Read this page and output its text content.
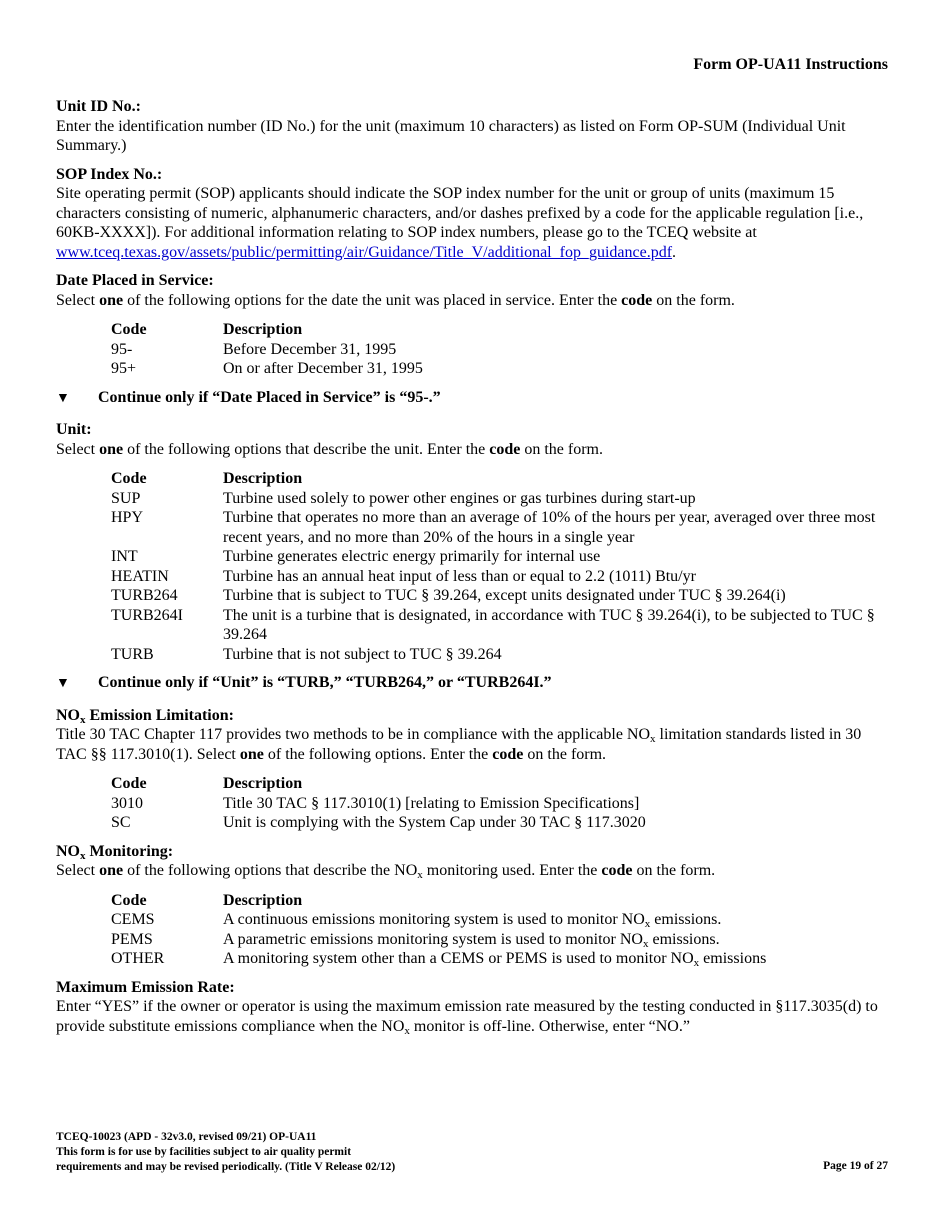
Form OP-UA11 Instructions
Unit ID No.:
Enter the identification number (ID No.) for the unit (maximum 10 characters) as listed on Form OP-SUM (Individual Unit Summary.)
SOP Index No.:
Site operating permit (SOP) applicants should indicate the SOP index number for the unit or group of units (maximum 15 characters consisting of numeric, alphanumeric characters, and/or dashes prefixed by a code for the applicable regulation [i.e., 60KB-XXXX]). For additional information relating to SOP index numbers, please go to the TCEQ website at www.tceq.texas.gov/assets/public/permitting/air/Guidance/Title_V/additional_fop_guidance.pdf.
Date Placed in Service:
Select one of the following options for the date the unit was placed in service. Enter the code on the form.
Code	Description
95-	Before December 31, 1995
95+	On or after December 31, 1995
▼	Continue only if “Date Placed in Service” is “95-.”
Unit:
Select one of the following options that describe the unit. Enter the code on the form.
Code	Description
SUP	Turbine used solely to power other engines or gas turbines during start-up
HPY	Turbine that operates no more than an average of 10% of the hours per year, averaged over three most recent years, and no more than 20% of the hours in a single year
INT	Turbine generates electric energy primarily for internal use
HEATIN	Turbine has an annual heat input of less than or equal to 2.2 (1011) Btu/yr
TURB264	Turbine that is subject to TUC § 39.264, except units designated under TUC § 39.264(i)
TURB264I	The unit is a turbine that is designated, in accordance with TUC § 39.264(i), to be subjected to TUC § 39.264
TURB	Turbine that is not subject to TUC § 39.264
▼	Continue only if “Unit” is “TURB,” “TURB264,” or “TURB264I.”
$NO_x$ Emission Limitation:
Title 30 TAC Chapter 117 provides two methods to be in compliance with the applicable $NO_x$ limitation standards listed in 30 TAC §§ 117.3010(1). Select one of the following options. Enter the code on the form.
Code	Description
3010	Title 30 TAC § 117.3010(1) [relating to Emission Specifications]
SC	Unit is complying with the System Cap under 30 TAC § 117.3020
$NO_x$ Monitoring:
Select one of the following options that describe the $NO_x$ monitoring used. Enter the code on the form.
Code	Description
CEMS	A continuous emissions monitoring system is used to monitor $NO_x$ emissions.
PEMS	A parametric emissions monitoring system is used to monitor $NO_x$ emissions.
OTHER	A monitoring system other than a CEMS or PEMS is used to monitor $NO_x$ emissions
Maximum Emission Rate:
Enter “YES” if the owner or operator is using the maximum emission rate measured by the testing conducted in §117.3035(d) to provide substitute emissions compliance when the $NO_x$ monitor is off-line. Otherwise, enter “NO.”
TCEQ-10023 (APD - 32v3.0, revised 09/21) OP-UA11
This form is for use by facilities subject to air quality permit
requirements and may be revised periodically. (Title V Release 02/12)	Page 19 of 27
